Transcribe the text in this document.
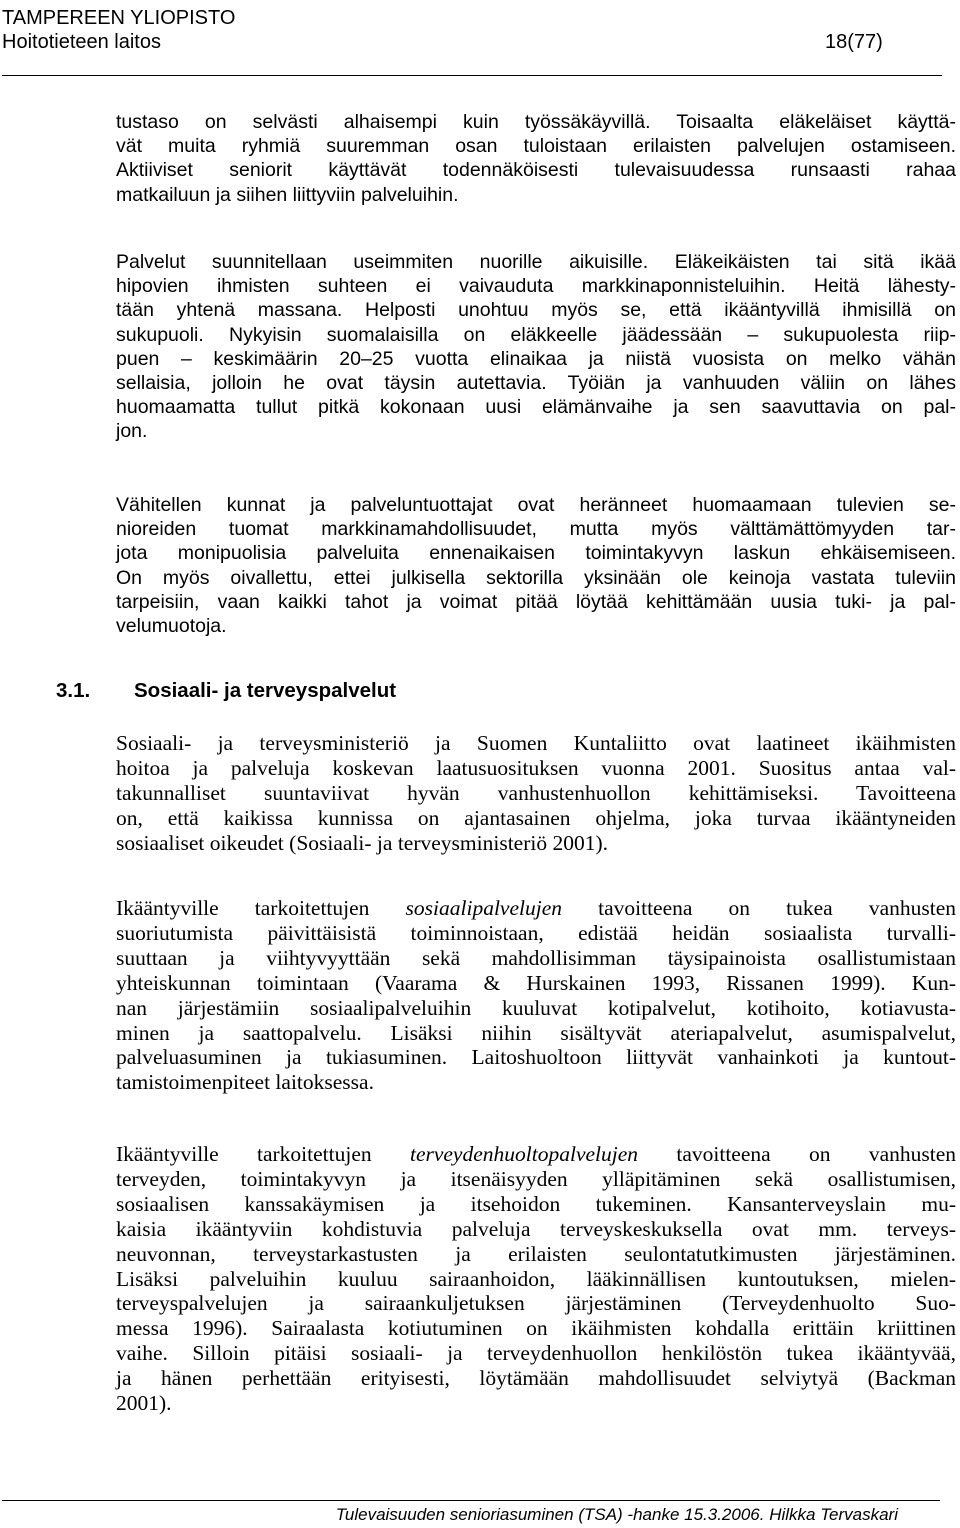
TAMPEREEN YLIOPISTO
Hoitotieteen laitos	18(77)
tustaso on selvästi alhaisempi kuin työssäkäyvillä. Toisaalta eläkeläiset käyttä-
vät muita ryhmiä suuremman osan tuloistaan erilaisten palvelujen ostamiseen.
Aktiiviset seniorit käyttävät todennäköisesti tulevaisuudessa runsaasti rahaa
matkailuun ja siihen liittyviin palveluihin.
Palvelut suunnitellaan useimmiten nuorille aikuisille. Eläkeikäisten tai sitä ikää
hipovien ihmisten suhteen ei vaivauduta markkinaponnisteluihin. Heitä lähesty-
tään yhtenä massana. Helposti unohtuu myös se, että ikääntyvillä ihmisillä on
sukupuoli. Nykyisin suomalaisilla on eläkkeelle jäädessään – sukupuolesta riip-
puen – keskimäärin 20–25 vuotta elinaikaa ja niistä vuosista on melko vähän
sellaisia, jolloin he ovat täysin autettavia. Työiän ja vanhuuden väliin on lähes
huomaamatta tullut pitkä kokonaan uusi elämänvaihe ja sen saavuttavia on pal-
jon.
Vähitellen kunnat ja palveluntuottajat ovat heränneet huomaamaan tulevien se-
nioreiden tuomat markkinamahdollisuudet, mutta myös välttämättömyyden tar-
jota monipuolisia palveluita ennenaikaisen toimintakyvyn laskun ehkäisemiseen.
On myös oivallettu, ettei julkisella sektorilla yksinään ole keinoja vastata tuleviin
tarpeisiin, vaan kaikki tahot ja voimat pitää löytää kehittämään uusia tuki- ja pal-
velumuotoja.
3.1. Sosiaali- ja terveyspalvelut
Sosiaali- ja terveysministeriö ja Suomen Kuntaliitto ovat laatineet ikäihmisten
hoitoa ja palveluja koskevan laatusuosituksen vuonna 2001. Suositus antaa val-
takunnalliset suuntaviivat hyvän vanhustenhuollon kehittämiseksi. Tavoitteena
on, että kaikissa kunnissa on ajantasainen ohjelma, joka turvaa ikääntyneiden
sosiaaliset oikeudet (Sosiaali- ja terveysministeriö 2001).
Ikääntyville tarkoitettujen sosiaalipalvelujen tavoitteena on tukea vanhusten
suoriutumista päivittäisistä toiminnoistaan, edistää heidän sosiaalista turvalli-
suuttaan ja viihtyvyyttään sekä mahdollisimman täysipainoista osallistumistaan
yhteiskunnan toimintaan (Vaarama & Hurskainen 1993, Rissanen 1999). Kun-
nan järjestämiin sosiaalipalveluihin kuuluvat kotipalvelut, kotihoito, kotiavusta-
minen ja saattopalvelu. Lisäksi niihin sisältyvät ateriapalvelut, asumispalvelut,
palveluasuminen ja tukiasuminen. Laitoshuoltoon liittyvät vanhainkoti ja kuntout-
tamistoimenpiteet laitoksessa.
Ikääntyville tarkoitettujen terveydenhuoltopalvelujen tavoitteena on vanhusten
terveyden, toimintakyvyn ja itsenäisyyden ylläpitäminen sekä osallistumisen,
sosiaalisen kanssakäymisen ja itsehoidon tukeminen. Kansanterveyslain mu-
kaisia ikääntyviin kohdistuvia palveluja terveyskeskuksella ovat mm. terveys-
neuvonnan, terveystarkastusten ja erilaisten seulontatutkimusten järjestäminen.
Lisäksi palveluihin kuuluu sairaanhoidon, lääkinnällisen kuntoutuksen, mielen-
terveyspalvelujen ja sairaankuljetuksen järjestäminen (Terveydenhuolto Suo-
messa 1996). Sairaalasta kotiutuminen on ikäihmisten kohdalla erittäin kriittinen
vaihe. Silloin pitäisi sosiaali- ja terveydenhuollon henkilöstön tukea ikääntyvää,
ja hänen perhettään erityisesti, löytämään mahdollisuudet selviytyä (Backman
2001).
Tulevaisuuden senioriasuminen (TSA) -hanke 15.3.2006. Hilkka Tervaskari
